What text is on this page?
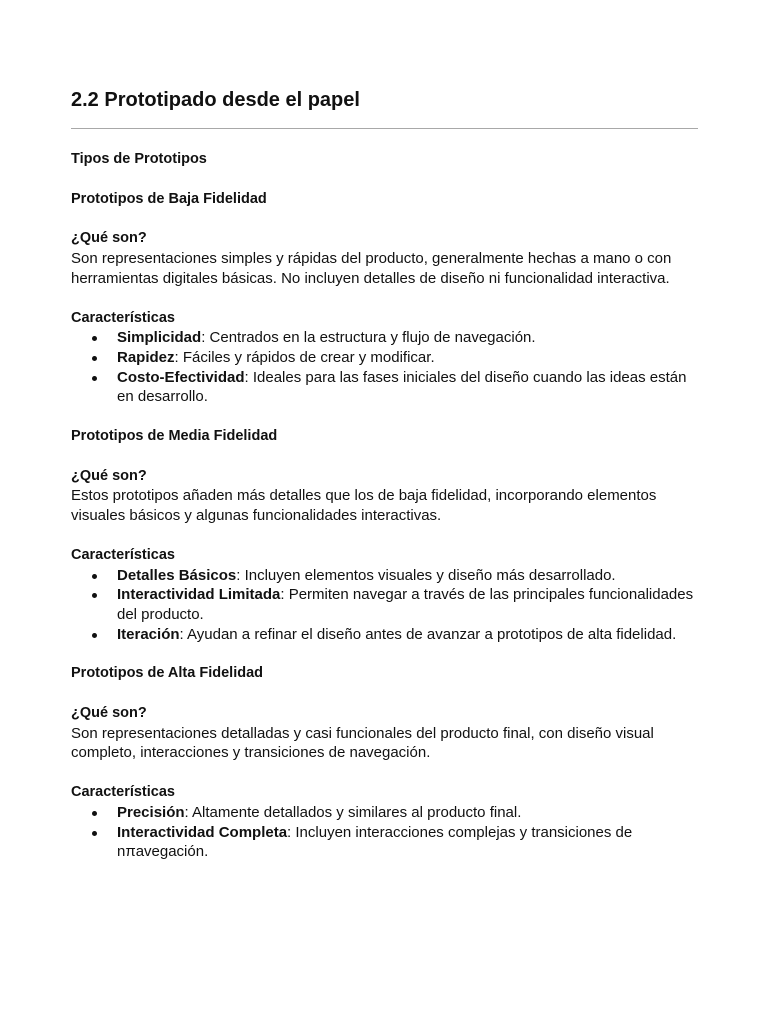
2.2 Prototipado desde el papel

Tipos de Prototipos

Prototipos de Baja Fidelidad

¿Qué son?

Son representaciones simples y rápidas del producto, generalmente hechas a mano o con herramientas digitales básicas. No incluyen detalles de diseño ni funcionalidad interactiva.

Características

Simplicidad: Centrados en la estructura y flujo de navegación.
Rapidez: Fáciles y rápidos de crear y modificar.
Costo-Efectividad: Ideales para las fases iniciales del diseño cuando las ideas están en desarrollo.

Prototipos de Media Fidelidad

¿Qué son?

Estos prototipos añaden más detalles que los de baja fidelidad, incorporando elementos visuales básicos y algunas funcionalidades interactivas.

Características

Detalles Básicos: Incluyen elementos visuales y diseño más desarrollado.
Interactividad Limitada: Permiten navegar a través de las principales funcionalidades del producto.
Iteración: Ayudan a refinar el diseño antes de avanzar a prototipos de alta fidelidad.

Prototipos de Alta Fidelidad

¿Qué son?

Son representaciones detalladas y casi funcionales del producto final, con diseño visual completo, interacciones y transiciones de navegación.

Características

Precisión: Altamente detallados y similares al producto final.
Interactividad Completa: Incluyen interacciones complejas y transiciones de nπavegación.
